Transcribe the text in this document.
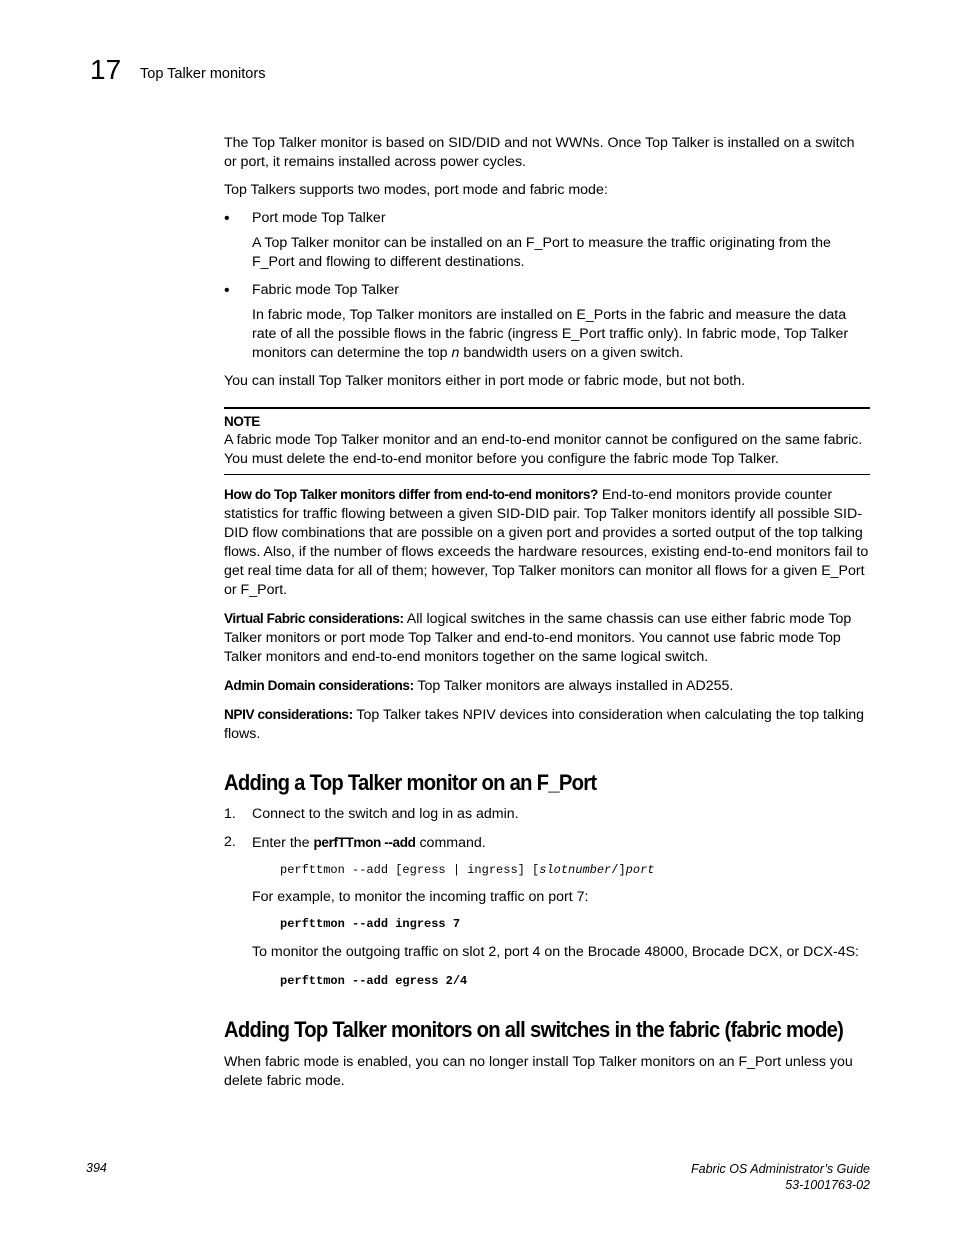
17 Top Talker monitors

The Top Talker monitor is based on SID/DID and not WWNs. Once Top Talker is installed on a switch or port, it remains installed across power cycles.

Top Talkers supports two modes, port mode and fabric mode:

• Port mode Top Talker

A Top Talker monitor can be installed on an F_Port to measure the traffic originating from the F_Port and flowing to different destinations.

• Fabric mode Top Talker

In fabric mode, Top Talker monitors are installed on E_Ports in the fabric and measure the data rate of all the possible flows in the fabric (ingress E_Port traffic only). In fabric mode, Top Talker monitors can determine the top n bandwidth users on a given switch.

You can install Top Talker monitors either in port mode or fabric mode, but not both.

NOTE
A fabric mode Top Talker monitor and an end-to-end monitor cannot be configured on the same fabric. You must delete the end-to-end monitor before you configure the fabric mode Top Talker.

How do Top Talker monitors differ from end-to-end monitors? End-to-end monitors provide counter statistics for traffic flowing between a given SID-DID pair. Top Talker monitors identify all possible SID-DID flow combinations that are possible on a given port and provides a sorted output of the top talking flows. Also, if the number of flows exceeds the hardware resources, existing end-to-end monitors fail to get real time data for all of them; however, Top Talker monitors can monitor all flows for a given E_Port or F_Port.

Virtual Fabric considerations: All logical switches in the same chassis can use either fabric mode Top Talker monitors or port mode Top Talker and end-to-end monitors. You cannot use fabric mode Top Talker monitors and end-to-end monitors together on the same logical switch.

Admin Domain considerations: Top Talker monitors are always installed in AD255.

NPIV considerations: Top Talker takes NPIV devices into consideration when calculating the top talking flows.

Adding a Top Talker monitor on an F_Port
1. Connect to the switch and log in as admin.
2. Enter the perfTTmon --add command.
perfttmon --add [egress | ingress] [slotnumber/]port

For example, to monitor the incoming traffic on port 7:

perfttmon --add ingress 7

To monitor the outgoing traffic on slot 2, port 4 on the Brocade 48000, Brocade DCX, or DCX-4S:

perfttmon --add egress 2/4
Adding Top Talker monitors on all switches in the fabric (fabric mode)

When fabric mode is enabled, you can no longer install Top Talker monitors on an F_Port unless you delete fabric mode.

394	Fabric OS Administrator’s Guide
53-1001763-02
